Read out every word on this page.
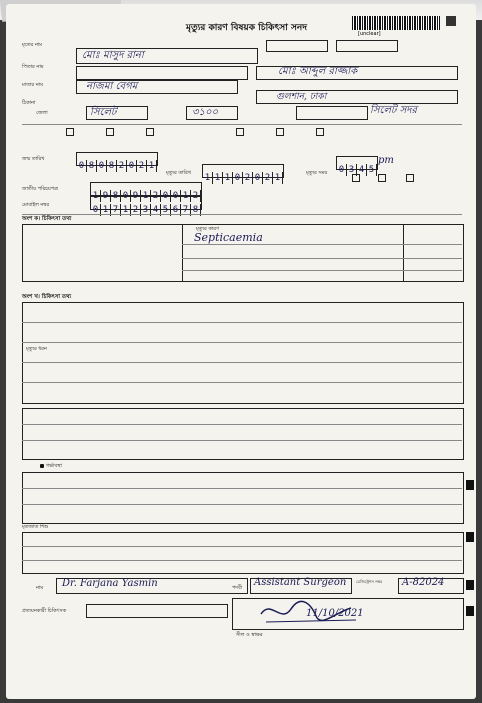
মৃত্যুর কারণ বিষয়ক চিকিৎসা সনদ
[unclear]
মৃতের নাম
মোঃ মাসুদ রানা
পিতার নাম	মোঃ আব্দুল রাজ্জাক
মাতার নাম	নাজমা বেগম
ঠিকানা
গুলশান, ঢাকা
জেলা	সিলেট	৩১০০	সিলেট সদর
জন্ম তারিখ
0 8 0 8 2 0 2 1
মৃত্যুর তারিখ	1 1 1 0 2 0 2 1	মৃত্যুর সময়	0 3 4 5
pm
জাতীয় পরিচয়পত্র
1 9 8 0 9 1 2 0 0 1 2
মোবাইল নম্বর	0 1 7 1 2 3 4 5 6 7 8
অংশ ক। চিকিৎসা তথ্য
মৃত্যুর কারণ
Septicaemia
অংশ খ। চিকিৎসা তথ্য
মৃত্যুর ধরন
গর্ভাবস্থা
মৃতজাত শিশু
নাম Dr. Farjana Yasmin	পদবী Assistant Surgeon রেজিস্ট্রেশন নম্বর A-82024
প্রত্যয়নকারী চিকিৎসক	11/10/2021
সীল ও স্বাক্ষর
